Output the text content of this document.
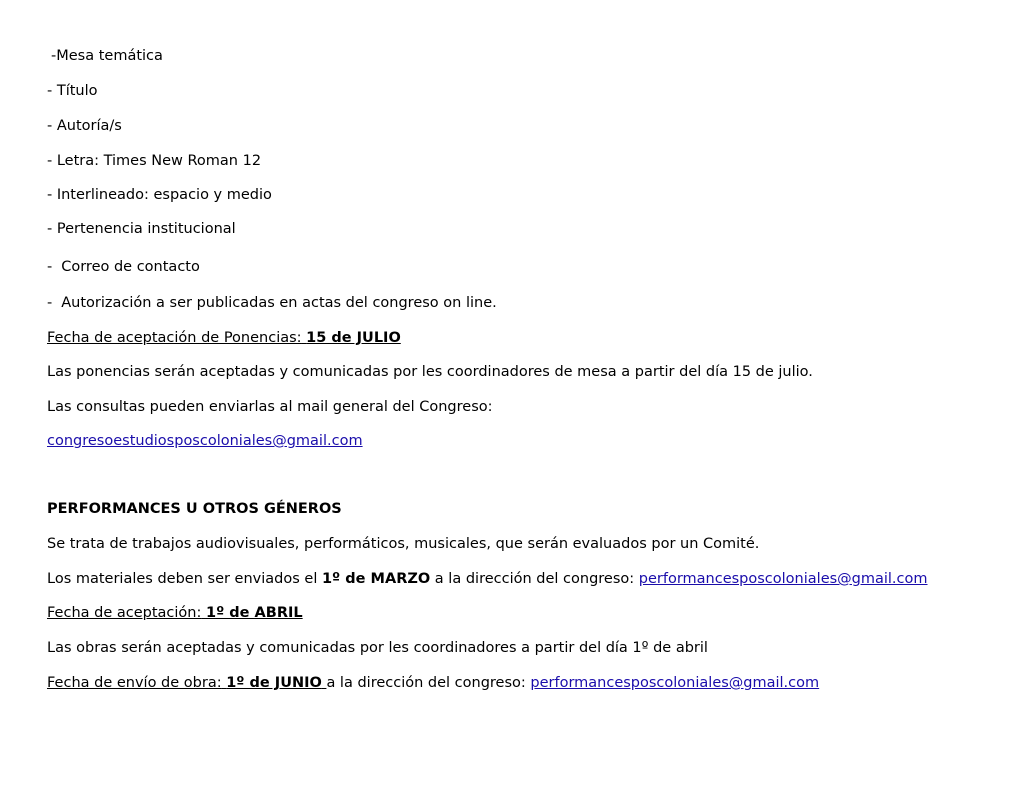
-Mesa temática
- Título
- Autoría/s
- Letra: Times New Roman 12
- Interlineado: espacio y medio
- Pertenencia institucional
- Correo de contacto
- Autorización a ser publicadas en actas del congreso on line.
Fecha de aceptación de Ponencias: 15 de JULIO
Las ponencias serán aceptadas y comunicadas por les coordinadores de mesa a partir del día 15 de julio.
Las consultas pueden enviarlas al mail general del Congreso:
congresoestudiosposcoloniales@gmail.com
PERFORMANCES U OTROS GÉNEROS
Se trata de trabajos audiovisuales, performáticos, musicales, que serán evaluados por un Comité.
Los materiales deben ser enviados el 1º de MARZO a la dirección del congreso: performancesposcoloniales@gmail.com
Fecha de aceptación: 1º de ABRIL
Las obras serán aceptadas y comunicadas por les coordinadores a partir del día 1º de abril
Fecha de envío de obra: 1º de JUNIO a la dirección del congreso: performancesposcoloniales@gmail.com
